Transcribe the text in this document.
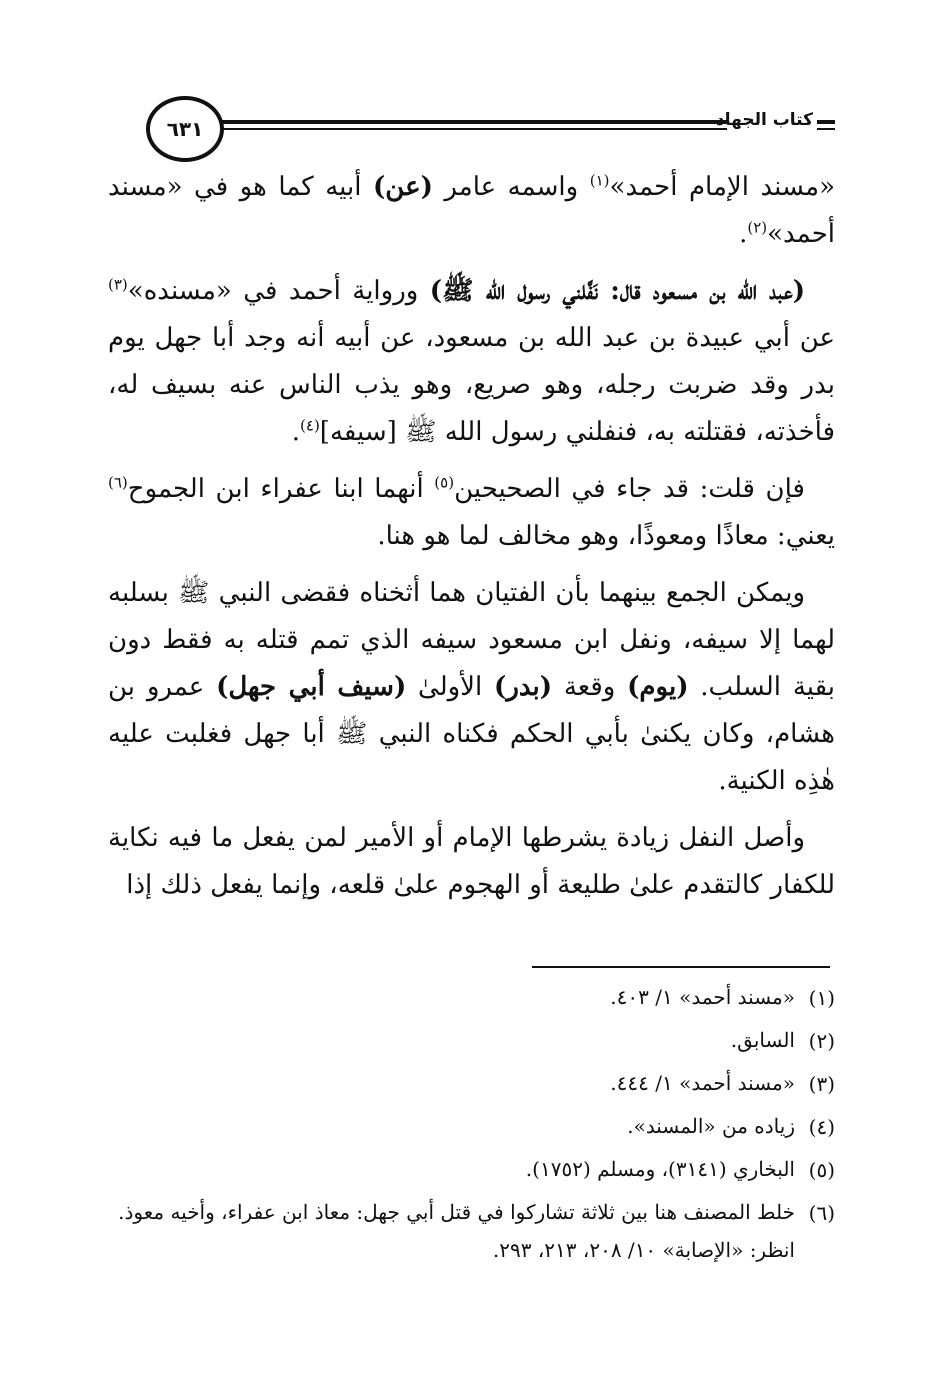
كتاب الجهاد
٦٣١

«مسند الإمام أحمد»$^{(١)}$ واسمه عامر (عن) أبيه كما هو في «مسند أحمد»$^{(٢)}$.

(عبد الله بن مسعود قال: نَفَّلني رسول الله ﷺ) ورواية أحمد في «مسنده»$^{(٣)}$ عن أبي عبيدة بن عبد الله بن مسعود، عن أبيه أنه وجد أبا جهل يوم بدر وقد ضربت رجله، وهو صريع، وهو يذب الناس عنه بسيف له، فأخذته، فقتلته به، فنفلني رسول الله ﷺ [سيفه]$^{(٤)}$.

فإن قلت: قد جاء في الصحيحين$^{(٥)}$ أنهما ابنا عفراء ابن الجموح$^{(٦)}$ يعني: معاذًا ومعوذًا، وهو مخالف لما هو هنا.

ويمكن الجمع بينهما بأن الفتيان هما أثخناه فقضى النبي ﷺ بسلبه لهما إلا سيفه، ونفل ابن مسعود سيفه الذي تمم قتله به فقط دون بقية السلب. (يوم) وقعة (بدر) الأولىٰ (سيف أبي جهل) عمرو بن هشام، وكان يكنىٰ بأبي الحكم فكناه النبي ﷺ أبا جهل فغلبت عليه هٰذِه الكنية.

وأصل النفل زيادة يشرطها الإمام أو الأمير لمن يفعل ما فيه نكاية للكفار كالتقدم علىٰ طليعة أو الهجوم علىٰ قلعه، وإنما يفعل ذلك إذا

(١)
«مسند أحمد» ١/ ٤٠٣.
(٢)
السابق.
(٣)
«مسند أحمد» ١/ ٤٤٤.
(٤)
زياده من «المسند».
(٥)
البخاري (٣١٤١)، ومسلم (١٧٥٢).
(٦)
خلط المصنف هنا بين ثلاثة تشاركوا في قتل أبي جهل: معاذ ابن عفراء، وأخيه معوذ. انظر: «الإصابة» ١٠/ ٢٠٨، ٢١٣، ٢٩٣.
